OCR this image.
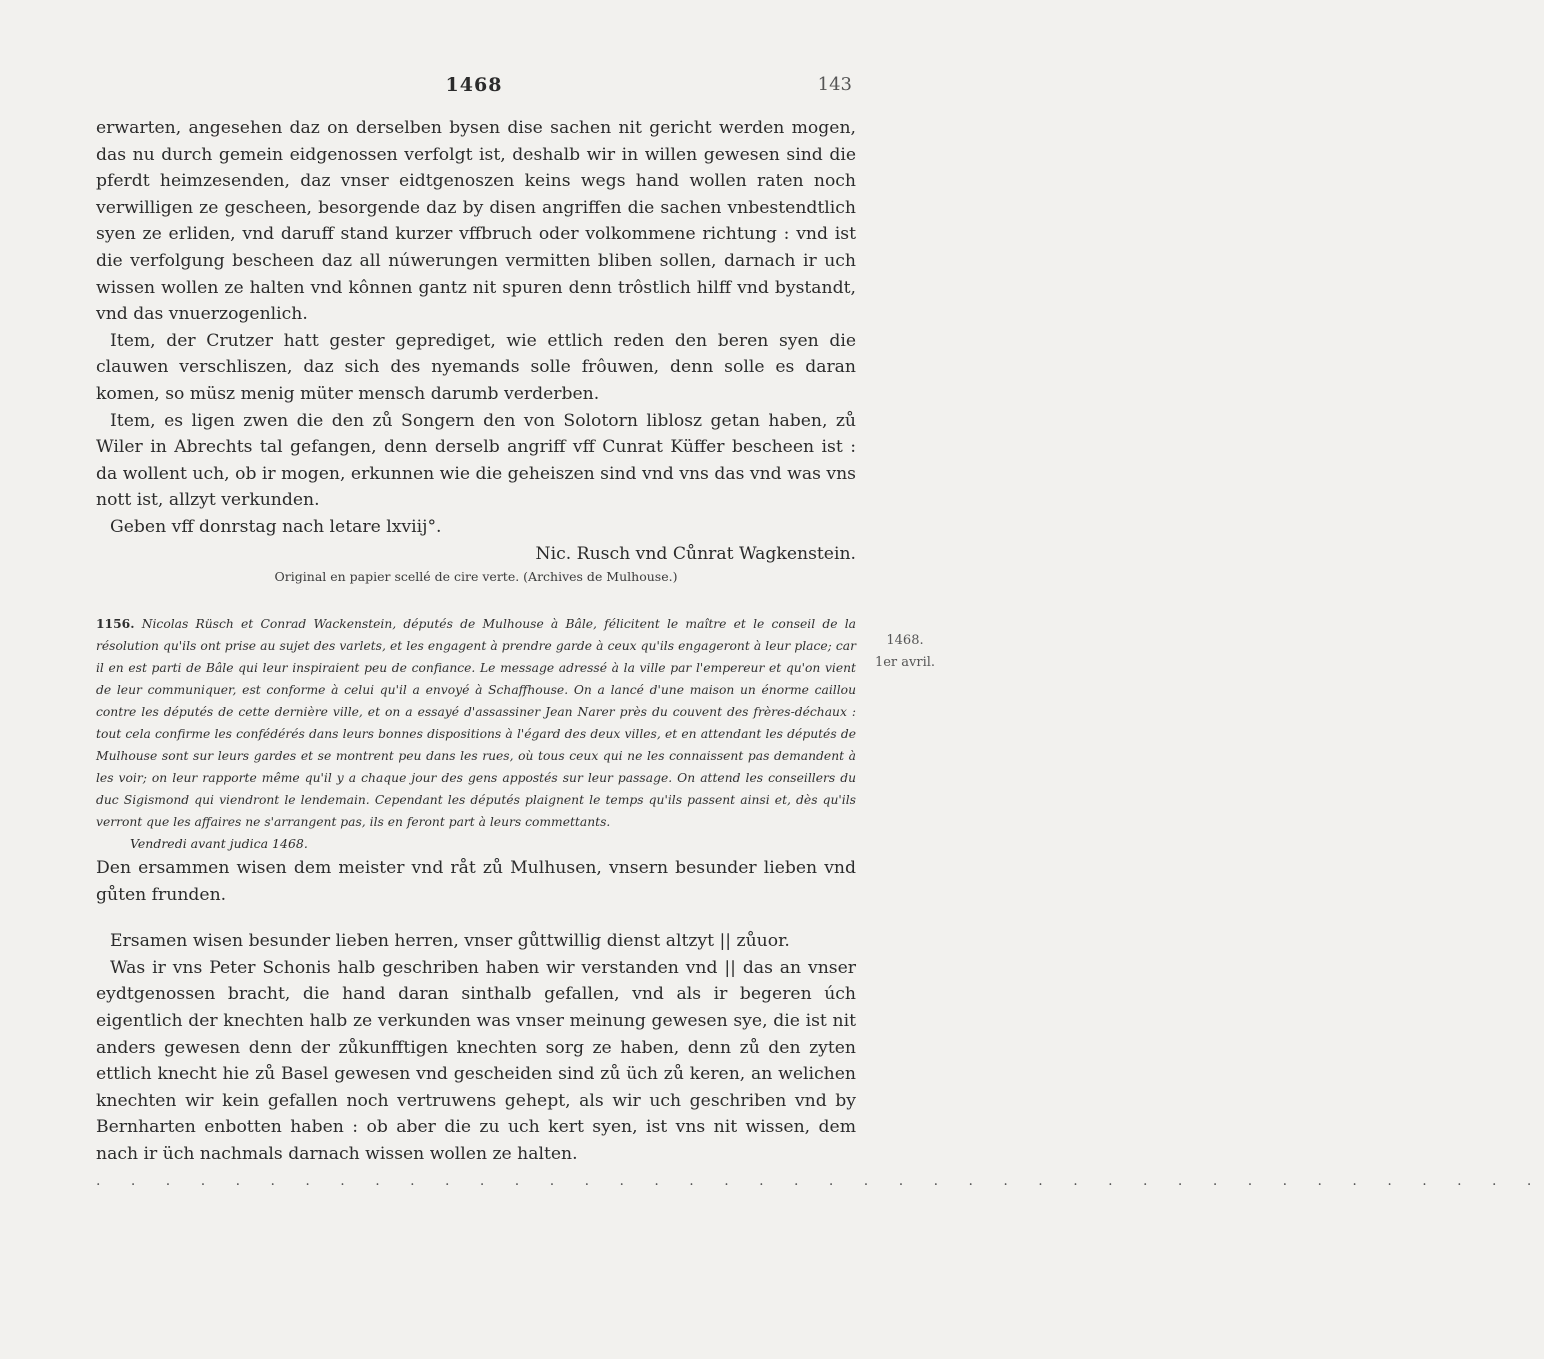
1468	143
1468.
1er avril.

erwarten, angesehen daz on derselben bysen dise sachen nit gericht werden mogen, das nu durch gemein eidgenossen verfolgt ist, deshalb wir in willen gewesen sind die pferdt heimzesenden, daz vnser eidtgenoszen keins wegs hand wollen raten noch verwilligen ze gescheen, besorgende daz by disen angriffen die sachen vnbestendtlich syen ze erliden, vnd daruff stand kurzer vffbruch oder volkommene richtung : vnd ist die verfolgung bescheen daz all núwerungen vermitten bliben sollen, darnach ir uch wissen wollen ze halten vnd kônnen gantz nit spuren denn trôstlich hilff vnd bystandt, vnd das vnuerzogenlich.

Item, der Crutzer hatt gester geprediget, wie ettlich reden den beren syen die clauwen verschliszen, daz sich des nyemands solle frôuwen, denn solle es daran komen, so müsz menig müter mensch darumb verderben.

Item, es ligen zwen die den zů Songern den von Solotorn liblosz getan haben, zů Wiler in Abrechts tal gefangen, denn derselb angriff vff Cunrat Küffer bescheen ist : da wollent uch, ob ir mogen, erkunnen wie die geheiszen sind vnd vns das vnd was vns nott ist, allzyt verkunden.

Geben vff donrstag nach letare lxviij°.

Nic. Rusch vnd Cůnrat Wagkenstein.

Original en papier scellé de cire verte. (Archives de Mulhouse.)

1156. Nicolas Rüsch et Conrad Wackenstein, députés de Mulhouse à Bâle, félicitent le maître et le conseil de la résolution qu'ils ont prise au sujet des varlets, et les engagent à prendre garde à ceux qu'ils engageront à leur place; car il en est parti de Bâle qui leur inspiraient peu de confiance. Le message adressé à la ville par l'empereur et qu'on vient de leur communiquer, est conforme à celui qu'il a envoyé à Schaffhouse. On a lancé d'une maison un énorme caillou contre les députés de cette dernière ville, et on a essayé d'assassiner Jean Narer près du couvent des frères-déchaux : tout cela confirme les confédérés dans leurs bonnes dispositions à l'égard des deux villes, et en attendant les députés de Mulhouse sont sur leurs gardes et se montrent peu dans les rues, où tous ceux qui ne les connaissent pas demandent à les voir; on leur rapporte même qu'il y a chaque jour des gens appostés sur leur passage. On attend les conseillers du duc Sigismond qui viendront le lendemain. Cependant les députés plaignent le temps qu'ils passent ainsi et, dès qu'ils verront que les affaires ne s'arrangent pas, ils en feront part à leurs commettants.

Vendredi avant judica 1468.

Den ersammen wisen dem meister vnd råt zů Mulhusen, vnsern besunder lieben vnd gůten frunden.

Ersamen wisen besunder lieben herren, vnser gůttwillig dienst altzyt || zůuor.

Was ir vns Peter Schonis halb geschriben haben wir verstanden vnd || das an vnser eydtgenossen bracht, die hand daran sinthalb gefallen, vnd als ir begeren úch eigentlich der knechten halb ze verkunden was vnser meinung gewesen sye, die ist nit anders gewesen denn der zůkunfftigen knechten sorg ze haben, denn zů den zyten ettlich knecht hie zů Basel gewesen vnd gescheiden sind zů üch zů keren, an welichen knechten wir kein gefallen noch vertruwens gehept, als wir uch geschriben vnd by Bernharten enbotten haben : ob aber die zu uch kert syen, ist vns nit wissen, dem nach ir üch nachmals darnach wissen wollen ze halten.

. . . . . . . . . . . . . . . . . . . . . . . . . . . . . . . . . . . . . . . . . .
